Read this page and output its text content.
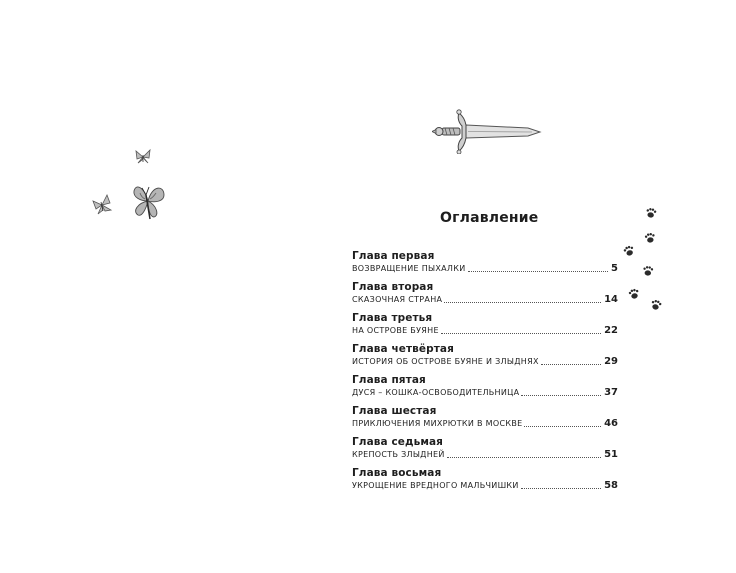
Оглавление
Глава первая
ВОЗВРАЩЕНИЕ ПЫХАЛКИ	5
Глава вторая
СКАЗОЧНАЯ СТРАНА	14
Глава третья
НА ОСТРОВЕ БУЯНЕ	22
Глава четвёртая
ИСТОРИЯ ОБ ОСТРОВЕ БУЯНЕ И ЗЛЫДНЯХ	29
Глава пятая
ДУСЯ – КОШКА-ОСВОБОДИТЕЛЬНИЦА	37
Глава шестая
ПРИКЛЮЧЕНИЯ МИХРЮТКИ В МОСКВЕ	46
Глава седьмая
КРЕПОСТЬ ЗЛЫДНЕЙ	51
Глава восьмая
УКРОЩЕНИЕ ВРЕДНОГО МАЛЬЧИШКИ	58
